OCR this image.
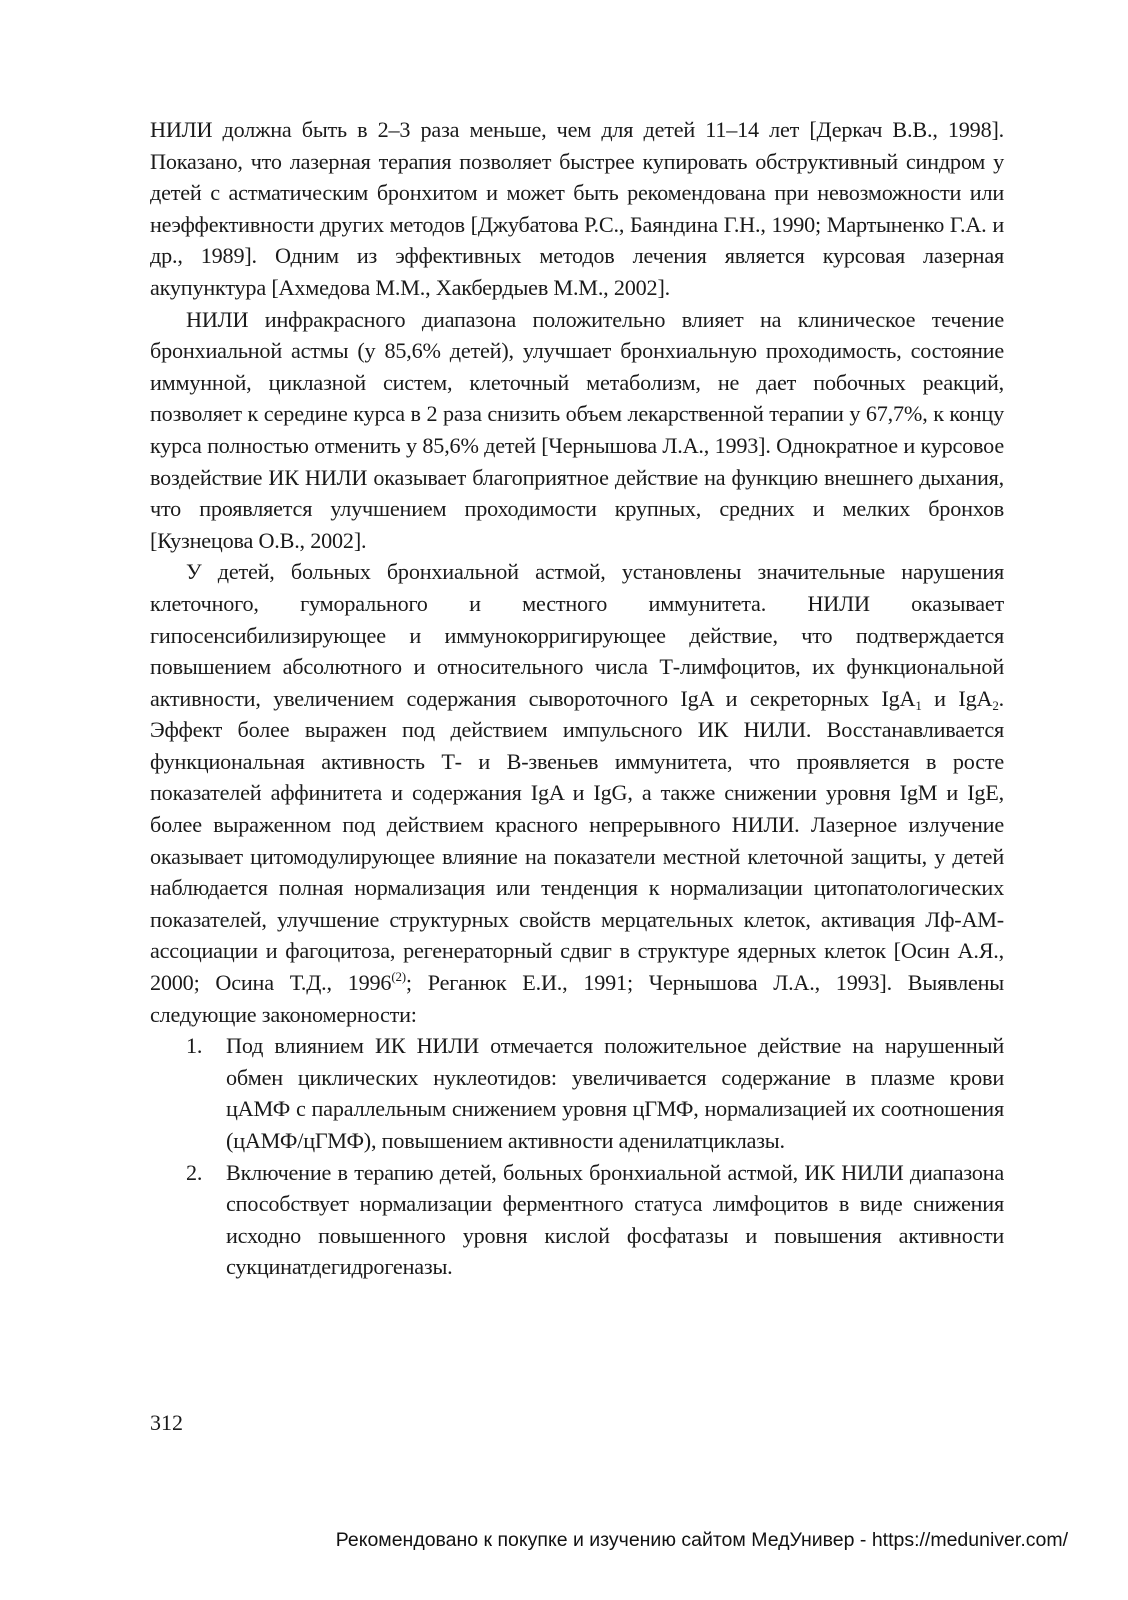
НИЛИ должна быть в 2–3 раза меньше, чем для детей 11–14 лет [Деркач В.В., 1998]. Показано, что лазерная терапия позволяет быстрее купировать обструктивный синдром у детей с астматическим бронхитом и может быть рекомендована при невозможности или неэффективности других методов [Джубатова Р.С., Баяндина Г.Н., 1990; Мартыненко Г.А. и др., 1989]. Одним из эффективных методов лечения является курсовая лазерная акупунктура [Ахмедова М.М., Хакбердыев М.М., 2002].

НИЛИ инфракрасного диапазона положительно влияет на клиническое течение бронхиальной астмы (у 85,6% детей), улучшает бронхиальную проходимость, состояние иммунной, циклазной систем, клеточный метаболизм, не дает побочных реакций, позволяет к середине курса в 2 раза снизить объем лекарственной терапии у 67,7%, к концу курса полностью отменить у 85,6% детей [Чернышова Л.А., 1993]. Однократное и курсовое воздействие ИК НИЛИ оказывает благоприятное действие на функцию внешнего дыхания, что проявляется улучшением проходимости крупных, средних и мелких бронхов [Кузнецова О.В., 2002].

У детей, больных бронхиальной астмой, установлены значительные нарушения клеточного, гуморального и местного иммунитета. НИЛИ оказывает гипосенсибилизирующее и иммунокорригирующее действие, что подтверждается повышением абсолютного и относительного числа Т-лимфоцитов, их функциональной активности, увеличением содержания сывороточного IgA и секреторных IgA$_1$ и IgA$_2$. Эффект более выражен под действием импульсного ИК НИЛИ. Восстанавливается функциональная активность Т- и В-звеньев иммунитета, что проявляется в росте показателей аффинитета и содержания IgA и IgG, а также снижении уровня IgM и IgE, более выраженном под действием красного непрерывного НИЛИ. Лазерное излучение оказывает цитомодулирующее влияние на показатели местной клеточной защиты, у детей наблюдается полная нормализация или тенденция к нормализации цитопатологических показателей, улучшение структурных свойств мерцательных клеток, активация Лф-АМ-ассоциации и фагоцитоза, регенераторный сдвиг в структуре ядерных клеток [Осин А.Я., 2000; Осина Т.Д., 1996$^{(2)}$; Реганюк Е.И., 1991; Чернышова Л.А., 1993]. Выявлены следующие закономерности:

1. Под влиянием ИК НИЛИ отмечается положительное действие на нарушенный обмен циклических нуклеотидов: увеличивается содержание в плазме крови цАМФ с параллельным снижением уровня цГМФ, нормализацией их соотношения (цАМФ/цГМФ), повышением активности аденилатциклазы.
2. Включение в терапию детей, больных бронхиальной астмой, ИК НИЛИ диапазона способствует нормализации ферментного статуса лимфоцитов в виде снижения исходно повышенного уровня кислой фосфатазы и повышения активности сукцинатдегидрогеназы.
312
Рекомендовано к покупке и изучению сайтом МедУнивер - https://meduniver.com/
